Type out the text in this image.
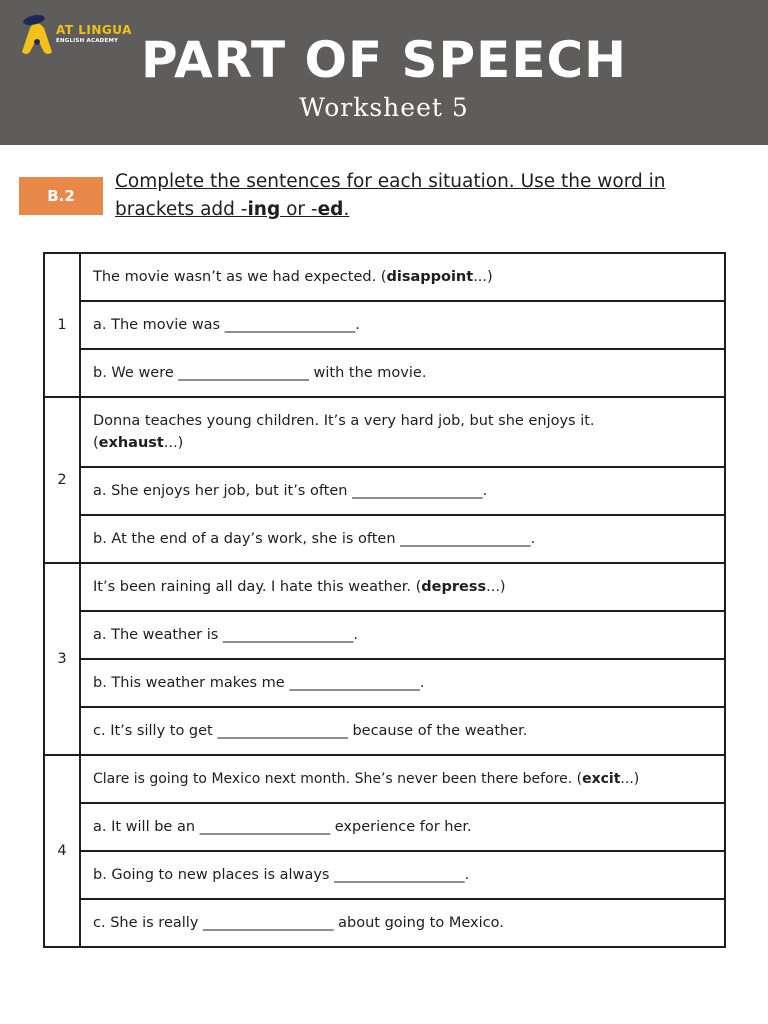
AT LINGUA
ENGLISH ACADEMY PART OF SPEECH
Worksheet 5
B.2
Complete the sentences for each situation. Use the word in
brackets add -ing or -ed.
1	The movie wasn’t as we had expected. (disappoint...)
	a. The movie was __________________.
	b. We were __________________ with the movie.
2	Donna teaches young children. It’s a very hard job, but she enjoys it.
(exhaust...)
	a. She enjoys her job, but it’s often __________________.
	b. At the end of a day’s work, she is often __________________.
3	It’s been raining all day. I hate this weather. (depress...)
	a. The weather is __________________.
	b. This weather makes me __________________.
	c. It’s silly to get __________________ because of the weather.
4	Clare is going to Mexico next month. She’s never been there before. (excit...)
	a. It will be an __________________ experience for her.
	b. Going to new places is always __________________.
	c. She is really __________________ about going to Mexico.
